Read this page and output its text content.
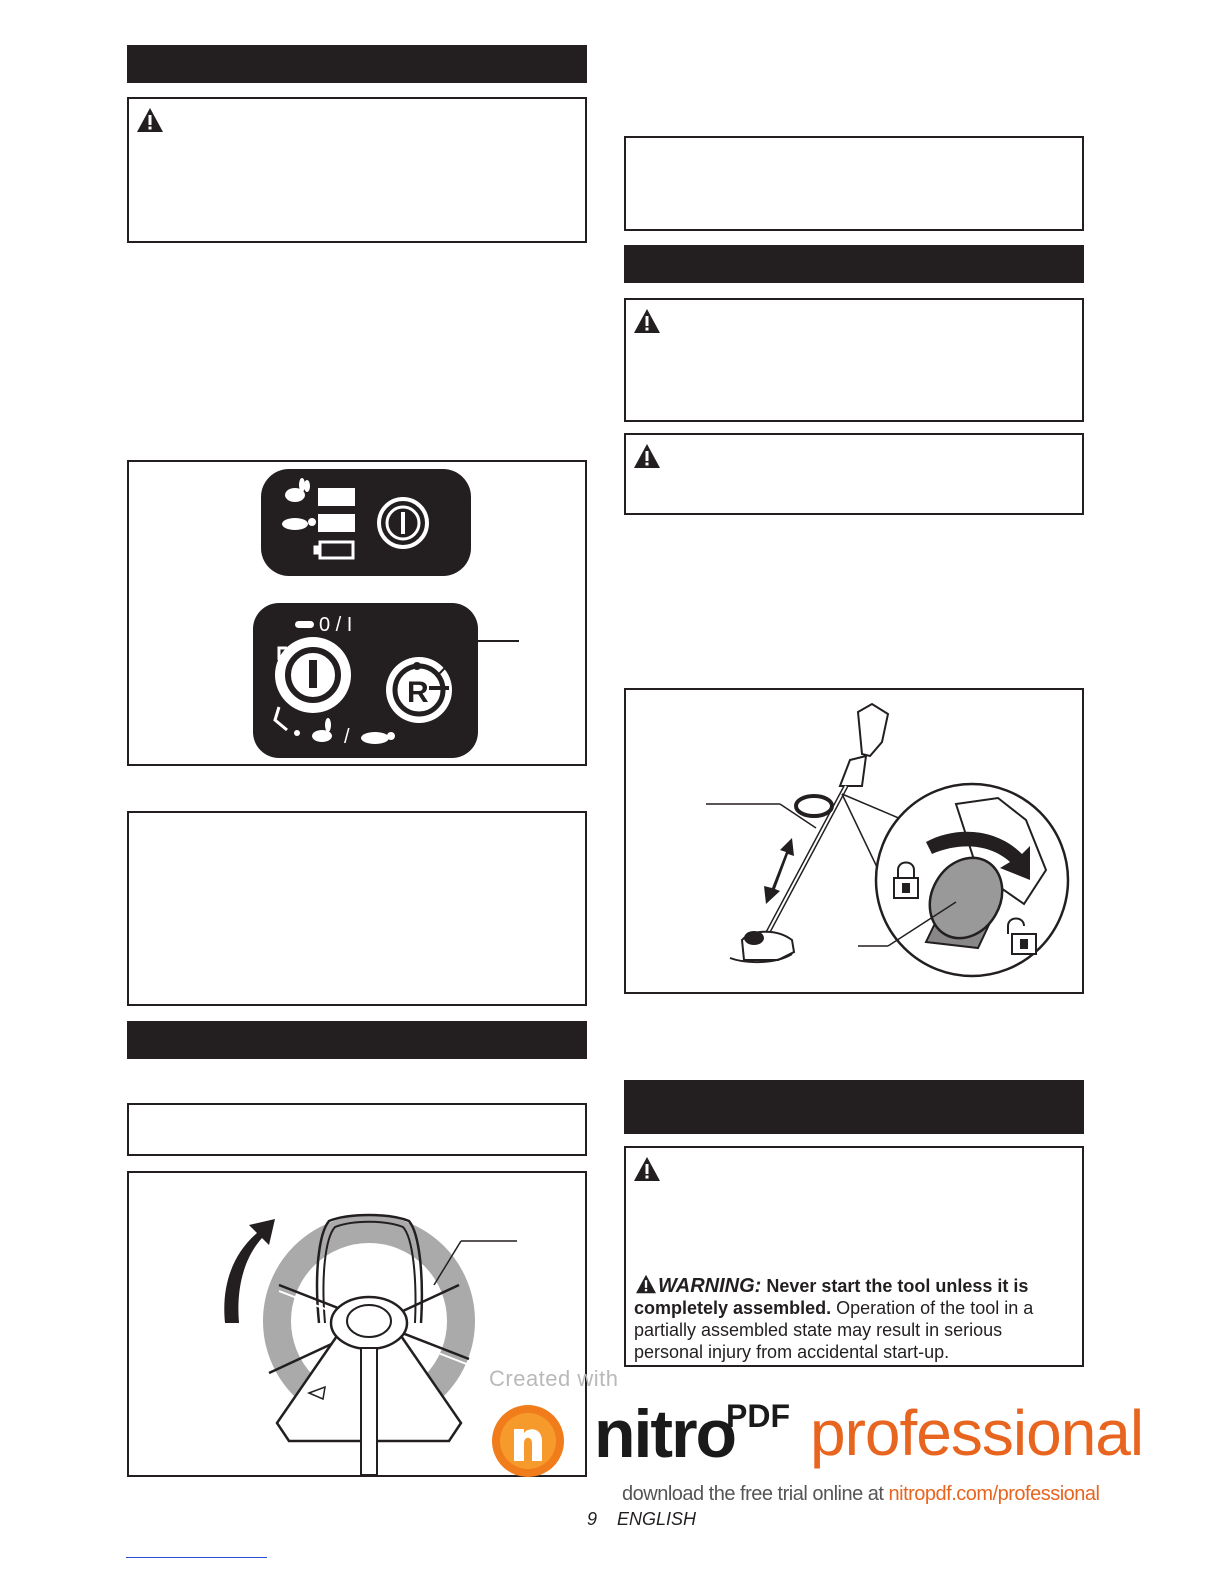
0 / I
/
R
WARNING: Never start the tool unless it is completely assembled. Operation of the tool in a partially assembled state may result in serious personal injury from accidental start-up.
Created with
nitro
PDF professional
download the free trial online at nitropdf.com/professional
9 ENGLISH
